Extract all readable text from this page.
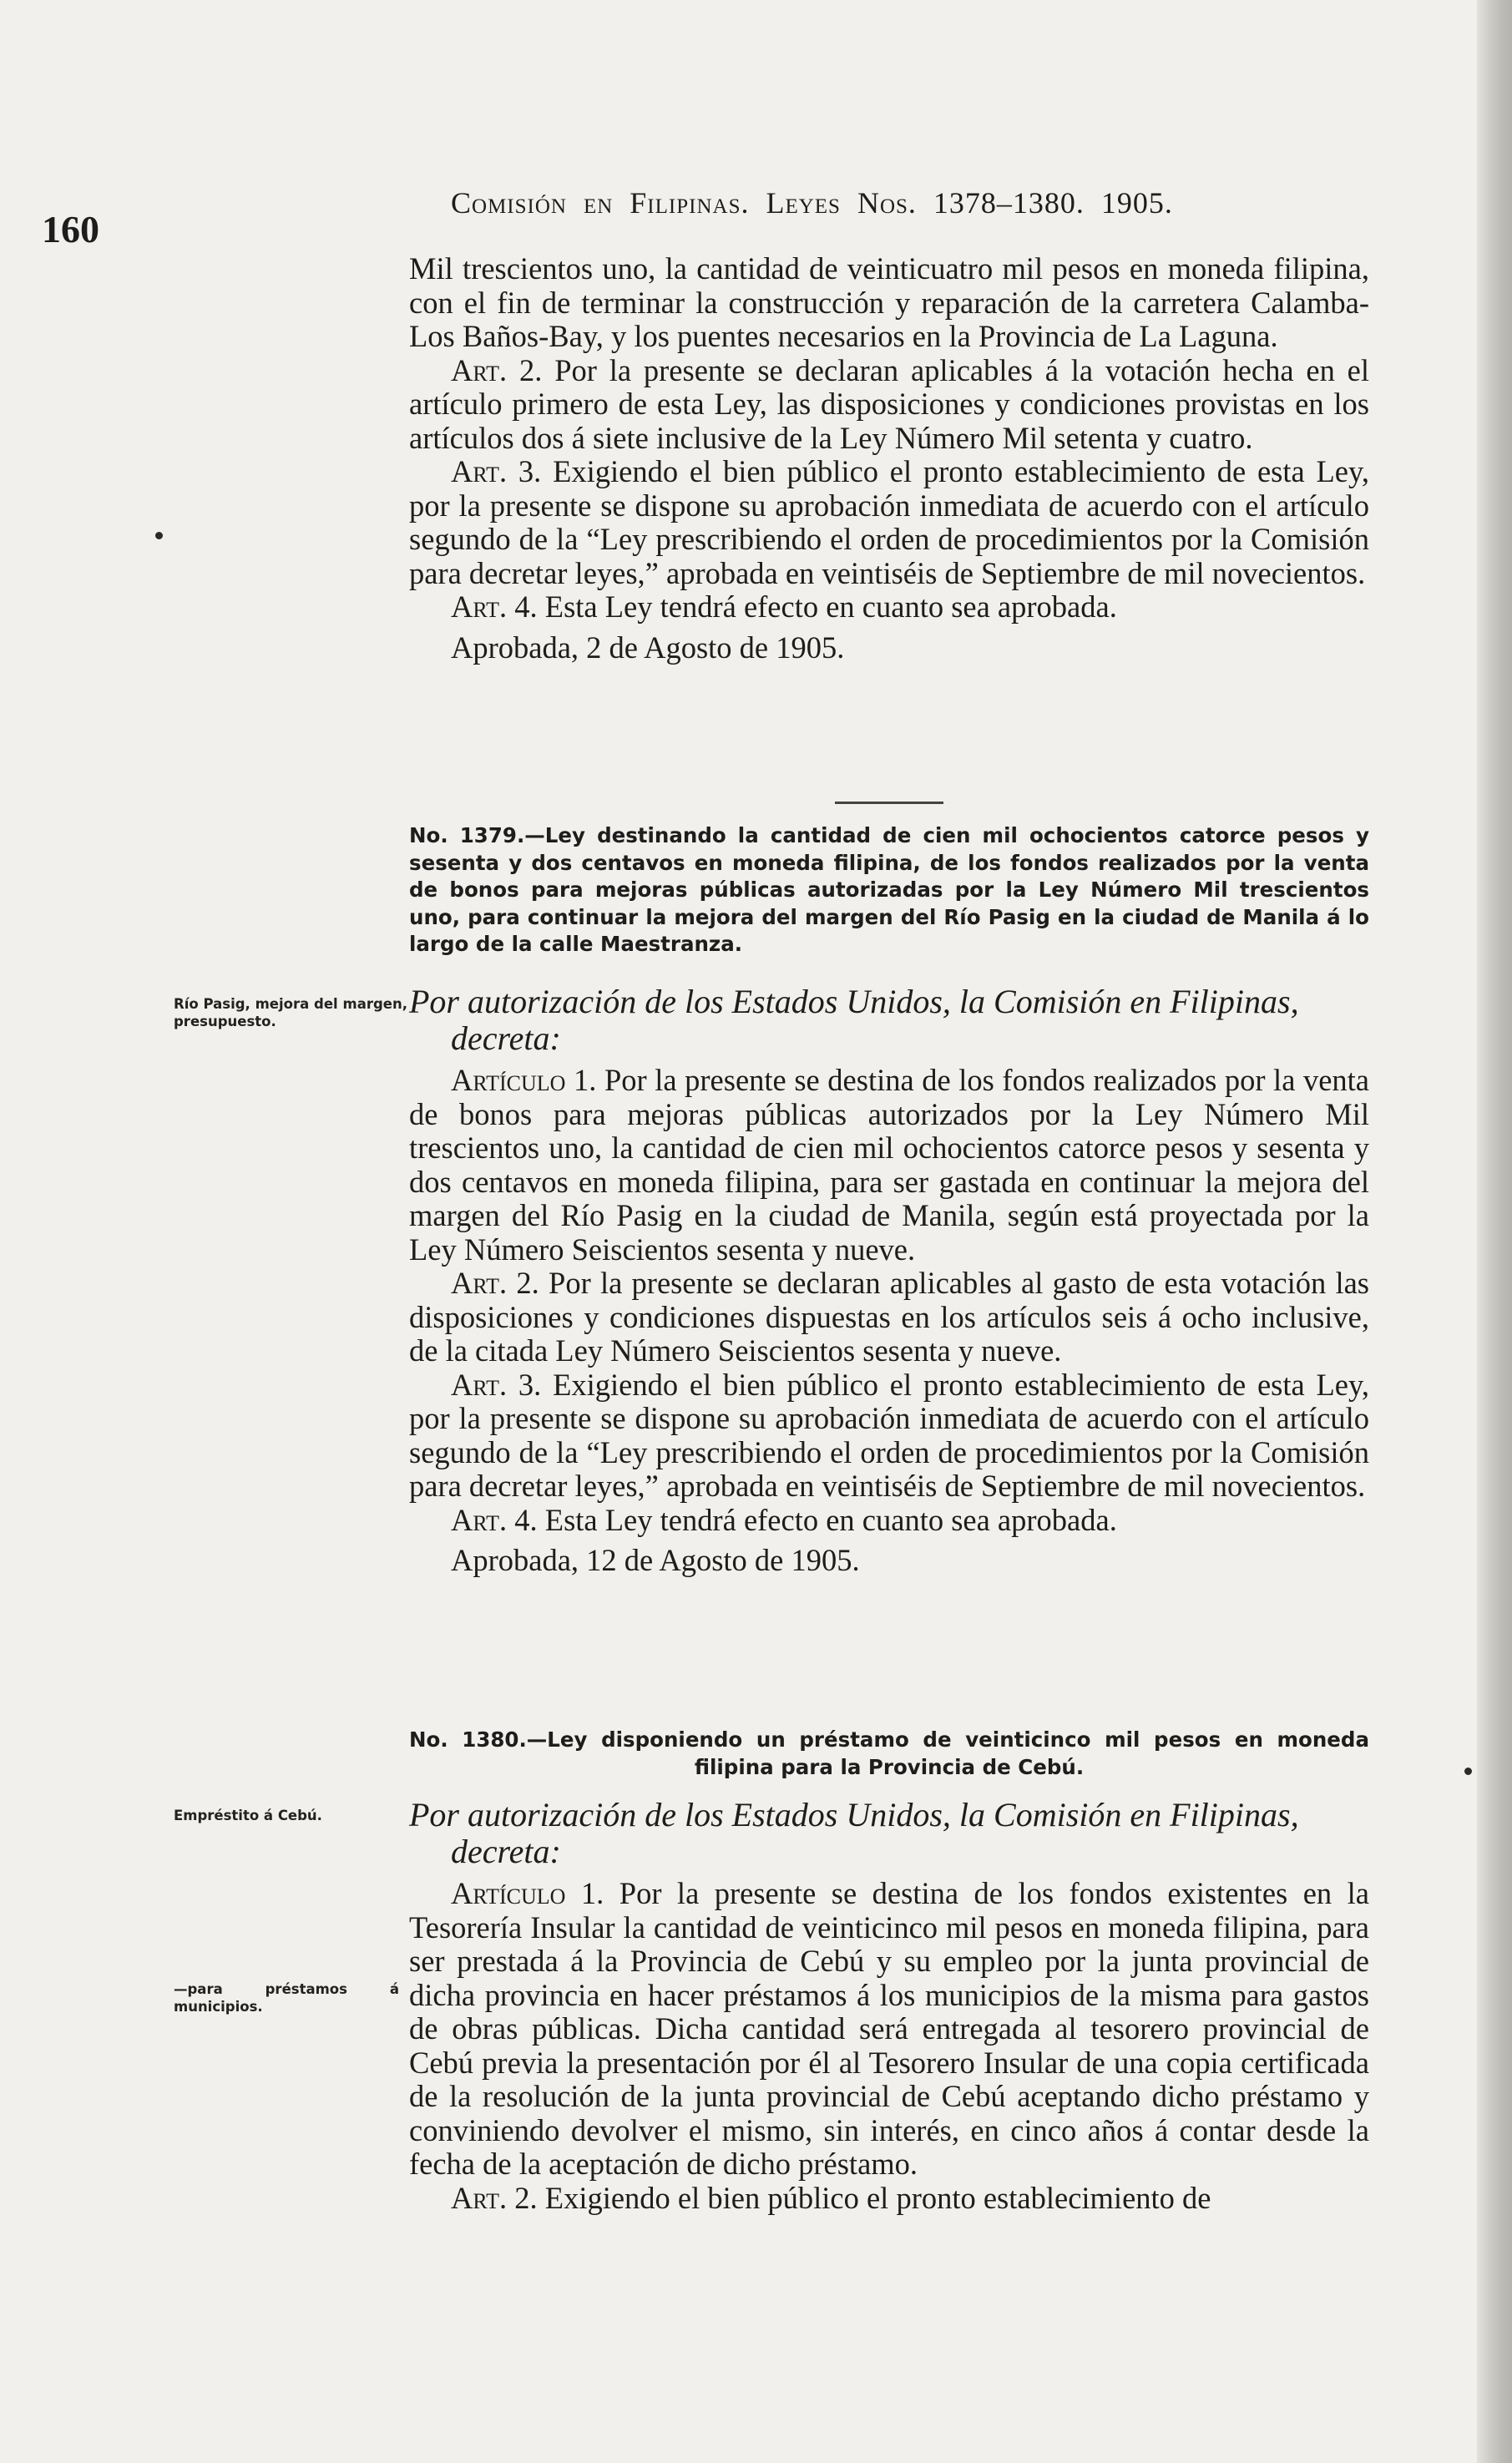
160
Comisión en Filipinas. Leyes Nos. 1378–1380. 1905.

Mil trescientos uno, la cantidad de veinticuatro mil pesos en moneda filipina, con el fin de terminar la construcción y reparación de la carretera Calamba-Los Baños-Bay, y los puentes necesarios en la Provincia de La Laguna.

Art. 2. Por la presente se declaran aplicables á la votación hecha en el artículo primero de esta Ley, las disposiciones y condiciones provistas en los artículos dos á siete inclusive de la Ley Número Mil setenta y cuatro.

Art. 3. Exigiendo el bien público el pronto establecimiento de esta Ley, por la presente se dispone su aprobación inmediata de acuerdo con el artículo segundo de la “Ley prescribiendo el orden de procedimientos por la Comisión para decretar leyes,” aprobada en veintiséis de Septiembre de mil novecientos.

Art. 4. Esta Ley tendrá efecto en cuanto sea aprobada.

Aprobada, 2 de Agosto de 1905.

No. 1379.—Ley destinando la cantidad de cien mil ochocientos catorce pesos y sesenta y dos centavos en moneda filipina, de los fondos realizados por la venta de bonos para mejoras públicas autorizadas por la Ley Número Mil trescientos uno, para continuar la mejora del margen del Río Pasig en la ciudad de Manila á lo largo de la calle Maestranza.

Río Pasig, mejora del margen, presupuesto.

Por autorización de los Estados Unidos, la Comisión en Filipinas,
decreta:

Artículo 1. Por la presente se destina de los fondos realizados por la venta de bonos para mejoras públicas autorizados por la Ley Número Mil trescientos uno, la cantidad de cien mil ochocientos catorce pesos y sesenta y dos centavos en moneda filipina, para ser gastada en continuar la mejora del margen del Río Pasig en la ciudad de Manila, según está proyectada por la Ley Número Seiscientos sesenta y nueve.

Art. 2. Por la presente se declaran aplicables al gasto de esta votación las disposiciones y condiciones dispuestas en los artículos seis á ocho inclusive, de la citada Ley Número Seiscientos sesenta y nueve.

Art. 3. Exigiendo el bien público el pronto establecimiento de esta Ley, por la presente se dispone su aprobación inmediata de acuerdo con el artículo segundo de la “Ley prescribiendo el orden de procedimientos por la Comisión para decretar leyes,” aprobada en veintiséis de Septiembre de mil novecientos.

Art. 4. Esta Ley tendrá efecto en cuanto sea aprobada.

Aprobada, 12 de Agosto de 1905.

No. 1380.—Ley disponiendo un préstamo de veinticinco mil pesos en moneda filipina para la Provincia de Cebú.

Empréstito á Cebú.
—para préstamos á municipios.

Por autorización de los Estados Unidos, la Comisión en Filipinas,
decreta:

Artículo 1. Por la presente se destina de los fondos existentes en la Tesorería Insular la cantidad de veinticinco mil pesos en moneda filipina, para ser prestada á la Provincia de Cebú y su empleo por la junta provincial de dicha provincia en hacer préstamos á los municipios de la misma para gastos de obras públicas. Dicha cantidad será entregada al tesorero provincial de Cebú previa la presentación por él al Tesorero Insular de una copia certificada de la resolución de la junta provincial de Cebú aceptando dicho préstamo y conviniendo devolver el mismo, sin interés, en cinco años á contar desde la fecha de la aceptación de dicho préstamo.

Art. 2. Exigiendo el bien público el pronto establecimiento de
